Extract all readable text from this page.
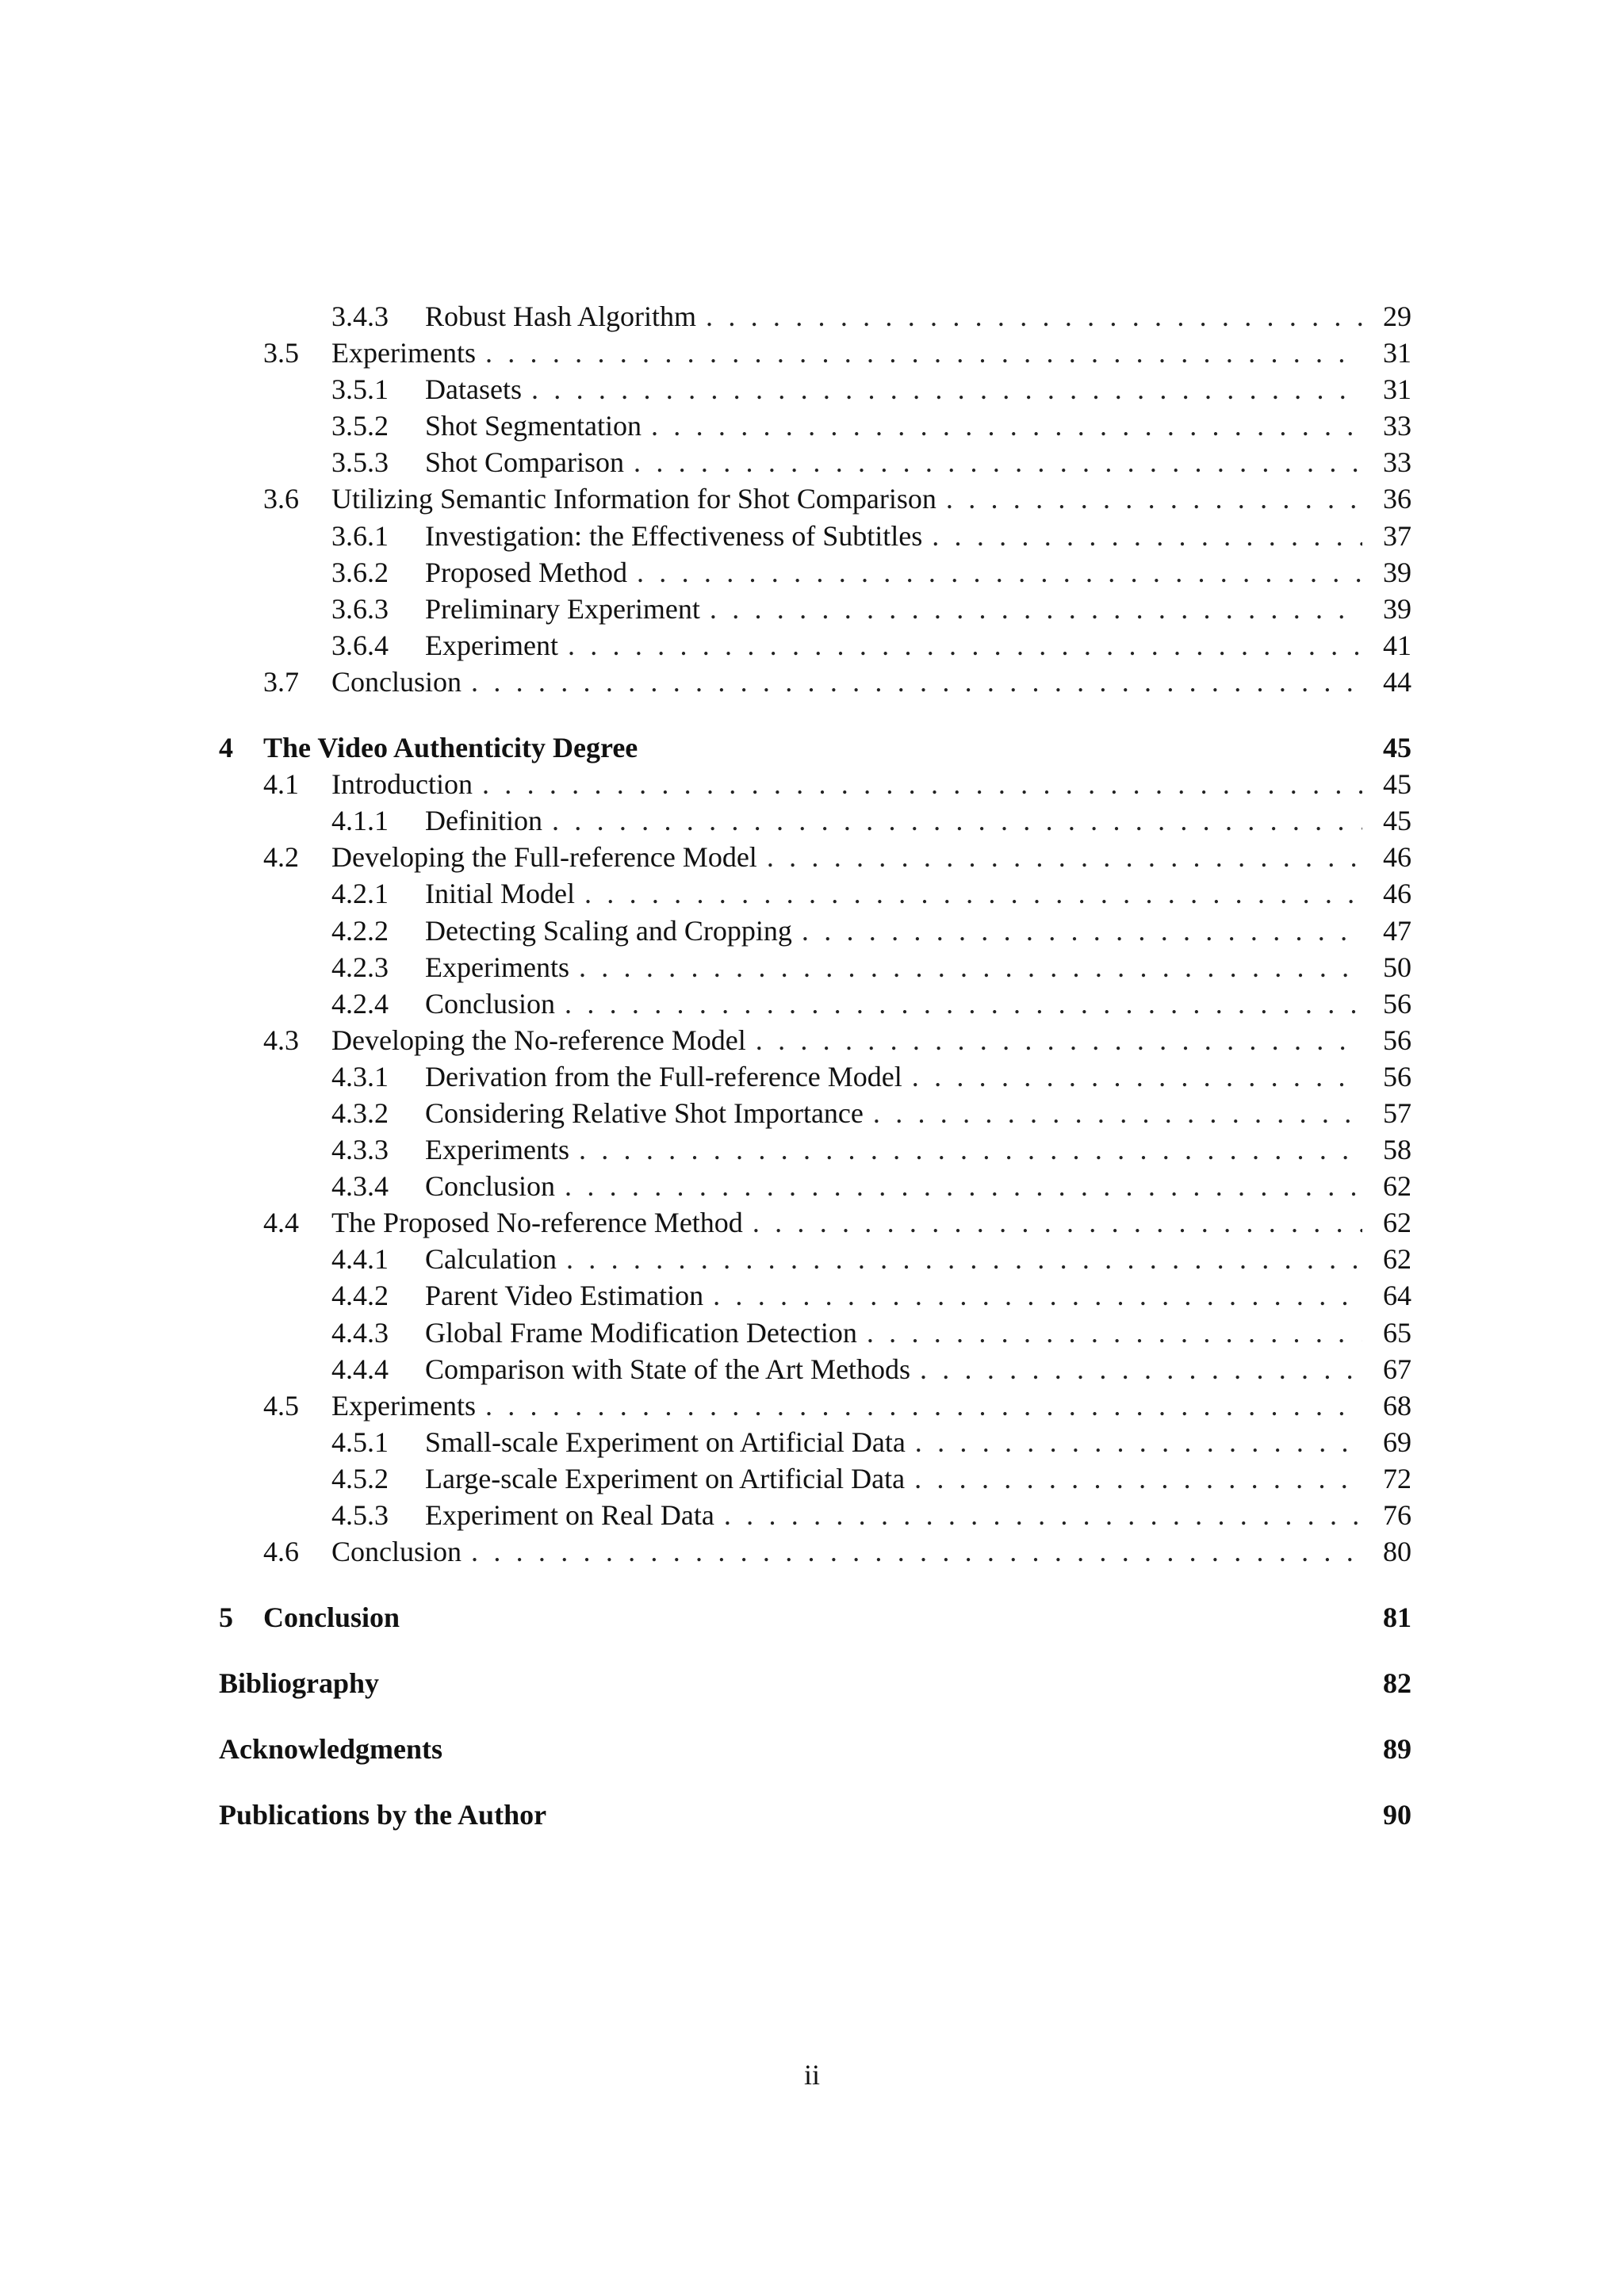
3.4.3	Robust Hash Algorithm . . .	29
3.5	Experiments . . .	31
3.5.1	Datasets . . .	31
3.5.2	Shot Segmentation . . .	33
3.5.3	Shot Comparison . . .	33
3.6	Utilizing Semantic Information for Shot Comparison . . .	36
3.6.1	Investigation: the Effectiveness of Subtitles . . .	37
3.6.2	Proposed Method . . .	39
3.6.3	Preliminary Experiment . . .	39
3.6.4	Experiment . . .	41
3.7	Conclusion . . .	44
4	The Video Authenticity Degree	45
4.1	Introduction . . .	45
4.1.1	Definition . . .	45
4.2	Developing the Full-reference Model . . .	46
4.2.1	Initial Model . . .	46
4.2.2	Detecting Scaling and Cropping . . .	47
4.2.3	Experiments . . .	50
4.2.4	Conclusion . . .	56
4.3	Developing the No-reference Model . . .	56
4.3.1	Derivation from the Full-reference Model . . .	56
4.3.2	Considering Relative Shot Importance . . .	57
4.3.3	Experiments . . .	58
4.3.4	Conclusion . . .	62
4.4	The Proposed No-reference Method . . .	62
4.4.1	Calculation . . .	62
4.4.2	Parent Video Estimation . . .	64
4.4.3	Global Frame Modification Detection . . .	65
4.4.4	Comparison with State of the Art Methods . . .	67
4.5	Experiments . . .	68
4.5.1	Small-scale Experiment on Artificial Data . . .	69
4.5.2	Large-scale Experiment on Artificial Data . . .	72
4.5.3	Experiment on Real Data . . .	76
4.6	Conclusion . . .	80
5	Conclusion	81
Bibliography	82
Acknowledgments	89
Publications by the Author	90
ii
